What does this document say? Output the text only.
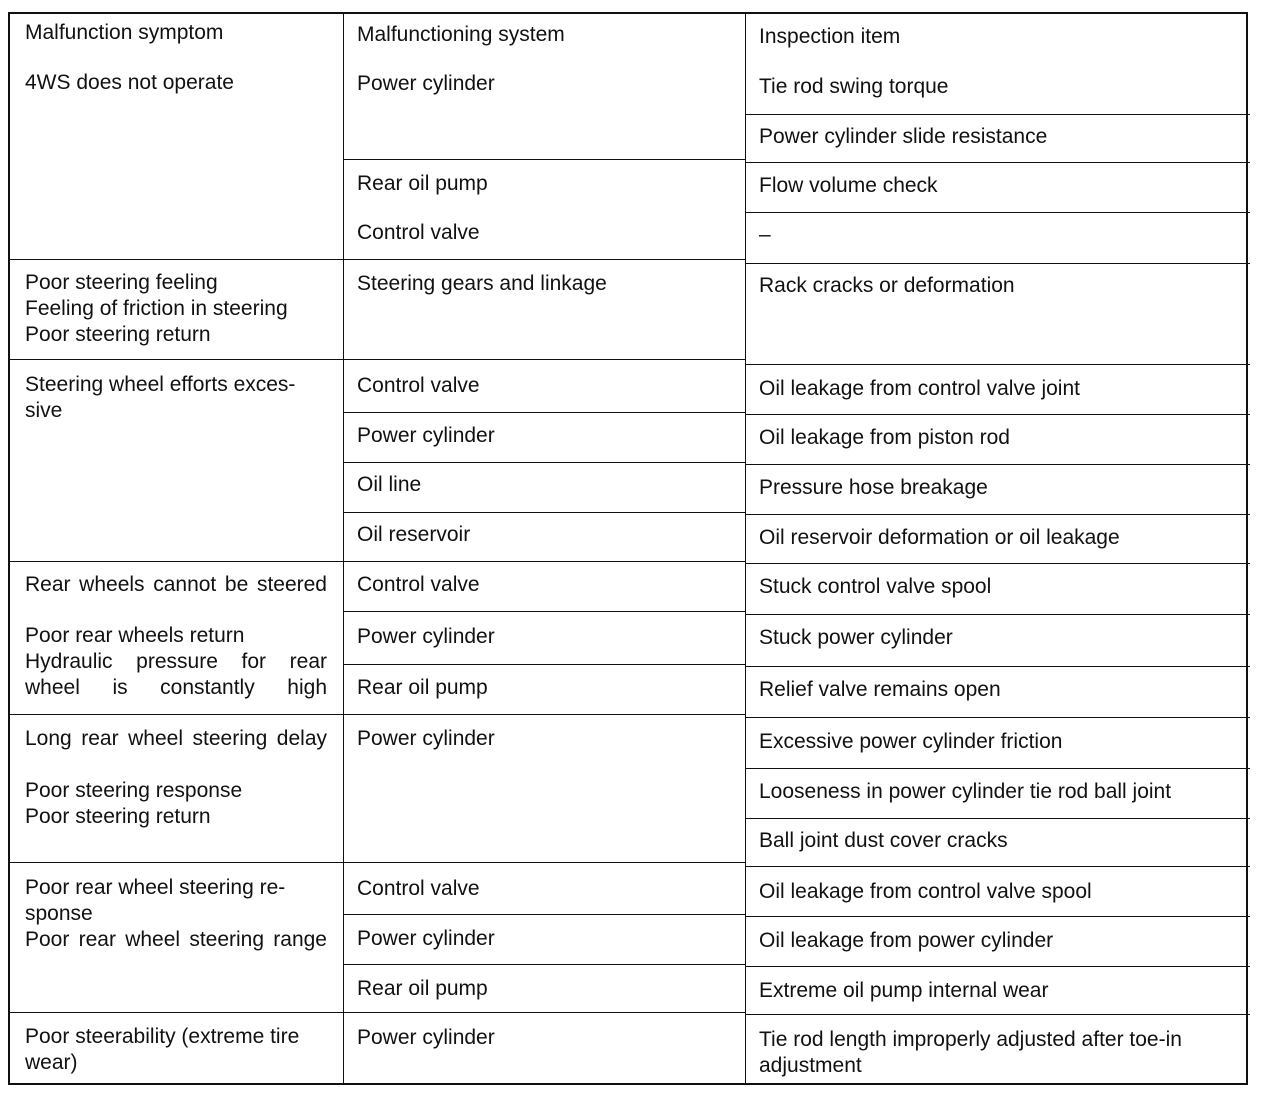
Malfunction symptom	Malfunctioning system	Inspection item
4WS does not operate
Poor steering feeling
Feeling of friction in steering
Poor steering return
Steering wheel efforts exces-
sive
Rear wheels cannot be steered
Poor rear wheels return
Hydraulic pressure for rear wheel is constantly high
Long rear wheel steering delay
Poor steering response
Poor steering return
Poor rear wheel steering re-
sponse
Poor rear wheel steering range
Poor steerability (extreme tire
wear)
Power cylinder
Rear oil pump
Control valve
Steering gears and linkage
Control valve
Power cylinder
Oil line
Oil reservoir
Control valve
Power cylinder
Rear oil pump
Power cylinder
Control valve
Power cylinder
Rear oil pump
Power cylinder
Tie rod swing torque
Power cylinder slide resistance
Flow volume check
–
Rack cracks or deformation
Oil leakage from control valve joint
Oil leakage from piston rod
Pressure hose breakage
Oil reservoir deformation or oil leakage
Stuck control valve spool
Stuck power cylinder
Relief valve remains open
Excessive power cylinder friction
Looseness in power cylinder tie rod ball joint
Ball joint dust cover cracks
Oil leakage from control valve spool
Oil leakage from power cylinder
Extreme oil pump internal wear
Tie rod length improperly adjusted after toe-in
adjustment
